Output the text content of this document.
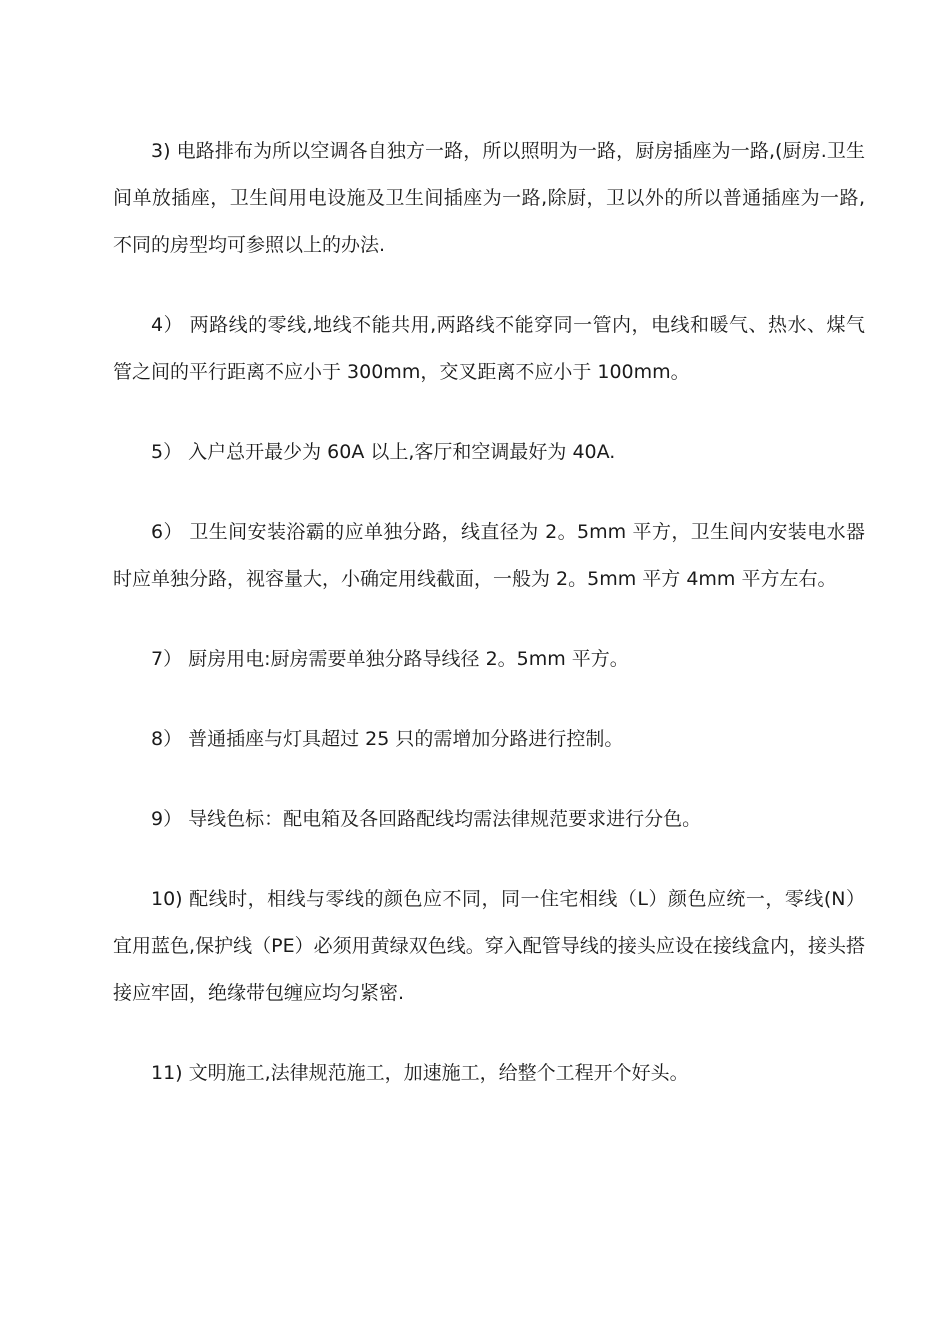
3) 电路排布为所以空调各自独方一路，所以照明为一路，厨房插座为一路,(厨房.卫生间单放插座，卫生间用电设施及卫生间插座为一路,除厨，卫以外的所以普通插座为一路,不同的房型均可参照以上的办法.

4） 两路线的零线,地线不能共用,两路线不能穿同一管内，电线和暖气、热水、煤气管之间的平行距离不应小于 300mm，交叉距离不应小于 100mm。

5） 入户总开最少为 60A 以上,客厅和空调最好为 40A.

6） 卫生间安装浴霸的应单独分路，线直径为 2。5mm 平方，卫生间内安装电水器时应单独分路，视容量大，小确定用线截面，一般为 2。5mm 平方 4mm 平方左右。

7） 厨房用电:厨房需要单独分路导线径 2。5mm 平方。

8） 普通插座与灯具超过 25 只的需增加分路进行控制。

9） 导线色标：配电箱及各回路配线均需法律规范要求进行分色。

10) 配线时，相线与零线的颜色应不同，同一住宅相线（L）颜色应统一，零线(N）宜用蓝色,保护线（PE）必须用黄绿双色线。穿入配管导线的接头应设在接线盒内，接头搭接应牢固，绝缘带包缠应均匀紧密.

11) 文明施工,法律规范施工，加速施工，给整个工程开个好头。
